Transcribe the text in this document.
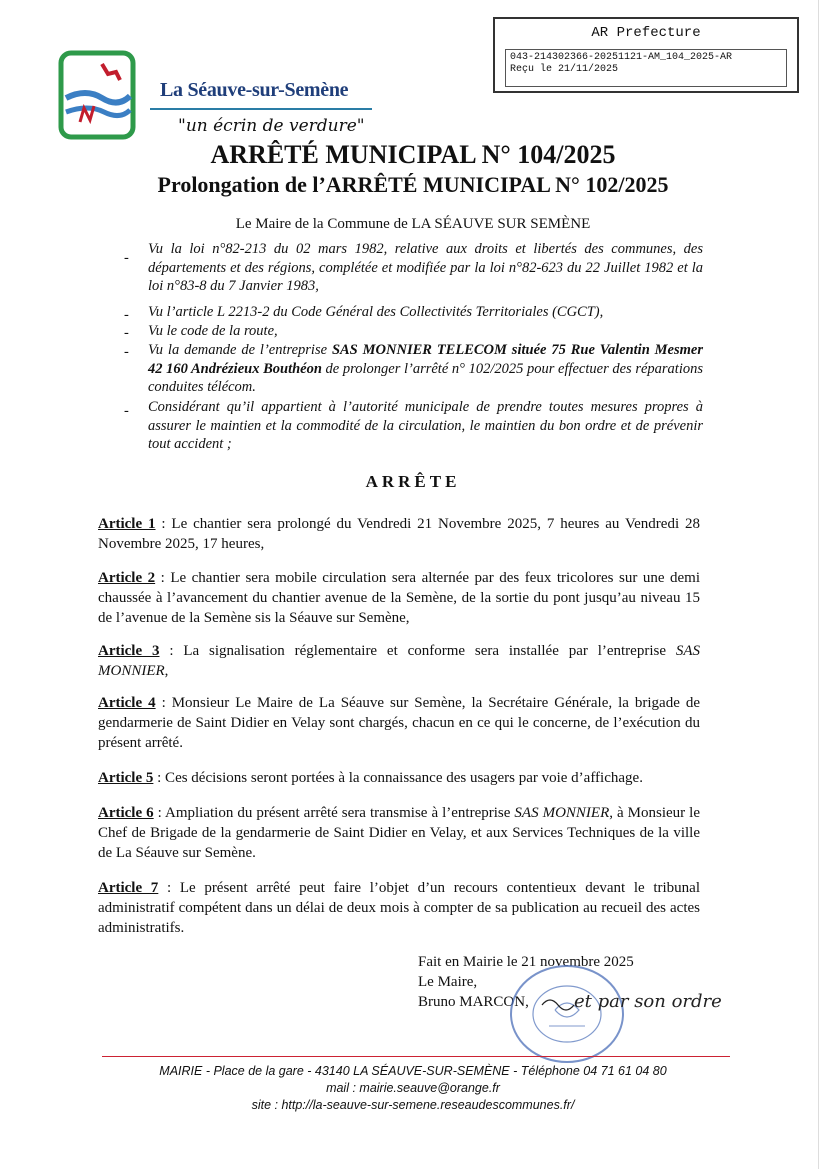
AR Prefecture
043-214302366-20251121-AM_104_2025-AR
Reçu le 21/11/2025
La Séauve-sur-Semène
"un écrin de verdure"
ARRÊTÉ MUNICIPAL N° 104/2025
Prolongation de l’ARRÊTÉ MUNICIPAL N° 102/2025
Le Maire de la Commune de LA SÉAUVE SUR SEMÈNE
-
Vu la loi n°82-213 du 02 mars 1982, relative aux droits et libertés des communes, des départements et des régions, complétée et modifiée par la loi n°82-623 du 22 Juillet 1982 et la loi n°83-8 du 7 Janvier 1983,
- Vu l’article L 2213-2 du Code Général des Collectivités Territoriales (CGCT),
- Vu le code de la route,
- Vu la demande de l’entreprise SAS MONNIER TELECOM située 75 Rue Valentin Mesmer 42 160 Andrézieux Bouthéon de prolonger l’arrêté n° 102/2025 pour effectuer des réparations conduites télécom.
- Considérant qu’il appartient à l’autorité municipale de prendre toutes mesures propres à assurer le maintien et la commodité de la circulation, le maintien du bon ordre et de prévenir tout accident ;
ARRÊTE
Article 1 : Le chantier sera prolongé du Vendredi 21 Novembre 2025, 7 heures au Vendredi 28 Novembre 2025, 17 heures,
Article 2 : Le chantier sera mobile circulation sera alternée par des feux tricolores sur une demi chaussée à l’avancement du chantier avenue de la Semène, de la sortie du pont jusqu’au niveau 15 de l’avenue de la Semène sis la Séauve sur Semène,
Article 3 : La signalisation réglementaire et conforme sera installée par l’entreprise SAS MONNIER,
Article 4 : Monsieur Le Maire de La Séauve sur Semène, la Secrétaire Générale, la brigade de gendarmerie de Saint Didier en Velay sont chargés, chacun en ce qui le concerne, de l’exécution du présent arrêté.
Article 5 : Ces décisions seront portées à la connaissance des usagers par voie d’affichage.
Article 6 : Ampliation du présent arrêté sera transmise à l’entreprise SAS MONNIER, à Monsieur le Chef de Brigade de la gendarmerie de Saint Didier en Velay, et aux Services Techniques de la ville de La Séauve sur Semène.
Article 7 : Le présent arrêté peut faire l’objet d’un recours contentieux devant le tribunal administratif compétent dans un délai de deux mois à compter de sa publication au recueil des actes administratifs.
Fait en Mairie le 21 novembre 2025
Le Maire,
Bruno MARCON,	et par son ordre
MAIRIE - Place de la gare - 43140 LA SÉAUVE-SUR-SEMÈNE - Téléphone 04 71 61 04 80
mail : mairie.seauve@orange.fr
site : http://la-seauve-sur-semene.reseaudescommunes.fr/
